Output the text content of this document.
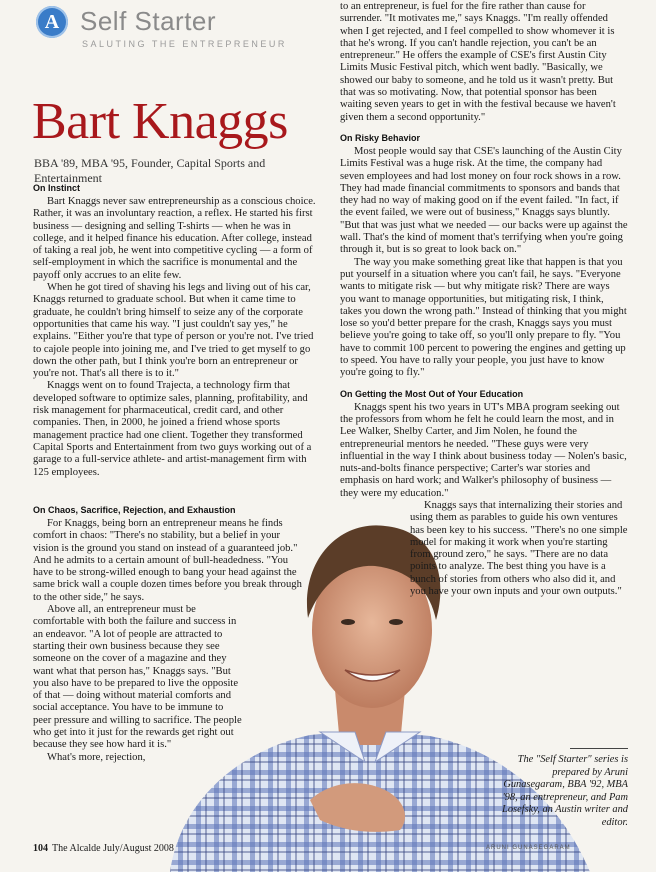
A Self Starter
SALUTING THE ENTREPRENEUR
Bart Knaggs
BBA '89, MBA '95, Founder, Capital Sports and Entertainment
On Instinct

Bart Knaggs never saw entrepreneurship as a conscious choice. Rather, it was an involuntary reaction, a reflex. He started his first business — designing and selling T-shirts — when he was in college, and it helped finance his education. After college, instead of taking a real job, he went into competitive cycling — a form of self-employment in which the sacrifice is monumental and the payoff only accrues to an elite few.

When he got tired of shaving his legs and living out of his car, Knaggs returned to graduate school. But when it came time to graduate, he couldn't bring himself to seize any of the corporate opportunities that came his way. "I just couldn't say yes," he explains. "Either you're that type of person or you're not. I've tried to cajole people into joining me, and I've tried to get myself to go down the other path, but I think you're born an entrepreneur or you're not. That's all there is to it."

Knaggs went on to found Trajecta, a technology firm that developed software to optimize sales, planning, profitability, and risk management for pharmaceutical, credit card, and other companies. Then, in 2000, he joined a friend whose sports management practice had one client. Together they transformed Capital Sports and Entertainment from two guys working out of a garage to a full-service athlete- and artist-management firm with 125 employees.

On Chaos, Sacrifice, Rejection, and Exhaustion

For Knaggs, being born an entrepreneur means he finds comfort in chaos: "There's no stability, but a belief in your vision is the ground you stand on instead of a guaranteed job." And he admits to a certain amount of bull-headedness. "You have to be strong-willed enough to bang your head against the same brick wall a couple dozen times before you break through to the other side," he says.

Above all, an entrepreneur must be comfortable with both the failure and success in an endeavor. "A lot of people are attracted to starting their own business because they see someone on the cover of a magazine and they want what that person has," Knaggs says. "But you also have to be prepared to live the opposite of that — doing without material comforts and social acceptance. You have to be immune to peer pressure and willing to sacrifice. The people who get into it just for the rewards get right out because they see how hard it is."

What's more, rejection,

to an entrepreneur, is fuel for the fire rather than cause for surrender. "It motivates me," says Knaggs. "I'm really offended when I get rejected, and I feel compelled to show whomever it is that he's wrong. If you can't handle rejection, you can't be an entrepreneur." He offers the example of CSE's first Austin City Limits Music Festival pitch, which went badly. "Basically, we showed our baby to someone, and he told us it wasn't pretty. But that was so motivating. Now, that potential sponsor has been waiting seven years to get in with the festival because we haven't given them a second opportunity."

On Risky Behavior

Most people would say that CSE's launching of the Austin City Limits Festival was a huge risk. At the time, the company had seven employees and had lost money on four rock shows in a row. They had made financial commitments to sponsors and bands that they had no way of making good on if the event failed. "In fact, if the event failed, we were out of business," Knaggs says bluntly. "But that was just what we needed — our backs were up against the wall. That's the kind of moment that's terrifying when you're going through it, but is so great to look back on."

The way you make something great like that happen is that you put yourself in a situation where you can't fail, he says. "Everyone wants to mitigate risk — but why mitigate risk? There are ways you want to manage opportunities, but mitigating risk, I think, takes you down the wrong path." Instead of thinking that you might lose so you'd better prepare for the crash, Knaggs says you must believe you're going to take off, so you'll only prepare to fly. "You have to commit 100 percent to powering the engines and getting up to speed. You have to rally your people, you just have to know you're going to fly."

On Getting the Most Out of Your Education

Knaggs spent his two years in UT's MBA program seeking out the professors from whom he felt he could learn the most, and in Lee Walker, Shelby Carter, and Jim Nolen, he found the entrepreneurial mentors he needed. "These guys were very influential in the way I think about business today — Nolen's basic, nuts-and-bolts finance perspective; Carter's war stories and emphasis on hard work; and Walker's philosophy of business — they were my education."

Knaggs says that internalizing their stories and using them as parables to guide his own ventures has been key to his success. "There's no one simple model for making it work when you're starting from ground zero," he says. "There are no data points to analyze. The best thing you have is a bunch of stories from others who also did it, and you have your own inputs and your own outputs."

The "Self Starter" series is prepared by Aruni Gunasegaram, BBA '92, MBA '98, an entrepreneur, and Pam Losefsky, an Austin writer and editor.
104 The Alcalde July/August 2008	ARUNI GUNASEGARAM
